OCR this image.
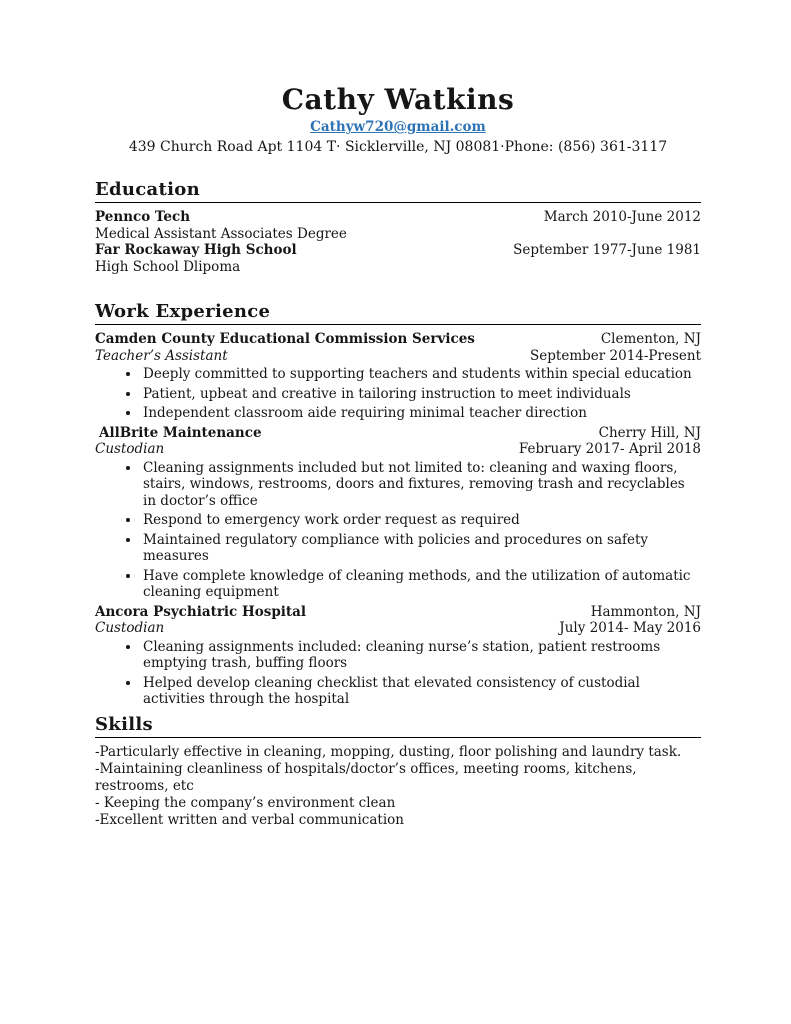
Cathy Watkins
Cathyw720@gmail.com
439 Church Road Apt 1104 T· Sicklerville, NJ 08081·Phone: (856) 361-3117
Education
Pennco Tech	March 2010-June 2012
Medical Assistant Associates Degree
Far Rockaway High School	September 1977-June 1981
High School Dlipoma
Work Experience
Camden County Educational Commission Services	Clementon, NJ
Teacher’s Assistant	September 2014-Present
• Deeply committed to supporting teachers and students within special education
• Patient, upbeat and creative in tailoring instruction to meet individuals
• Independent classroom aide requiring minimal teacher direction
AllBrite Maintenance	Cherry Hill, NJ
Custodian	February 2017- April 2018
• Cleaning assignments included but not limited to: cleaning and waxing floors, stairs, windows, restrooms, doors and fixtures, removing trash and recyclables in doctor’s office
• Respond to emergency work order request as required
• Maintained regulatory compliance with policies and procedures on safety measures
• Have complete knowledge of cleaning methods, and the utilization of automatic cleaning equipment
Ancora Psychiatric Hospital	Hammonton, NJ
Custodian	July 2014- May 2016
• Cleaning assignments included: cleaning nurse’s station, patient restrooms emptying trash, buffing floors
• Helped develop cleaning checklist that elevated consistency of custodial activities through the hospital
Skills
-Particularly effective in cleaning, mopping, dusting, floor polishing and laundry task.
-Maintaining cleanliness of hospitals/doctor’s offices, meeting rooms, kitchens, restrooms, etc
- Keeping the company’s environment clean
-Excellent written and verbal communication
